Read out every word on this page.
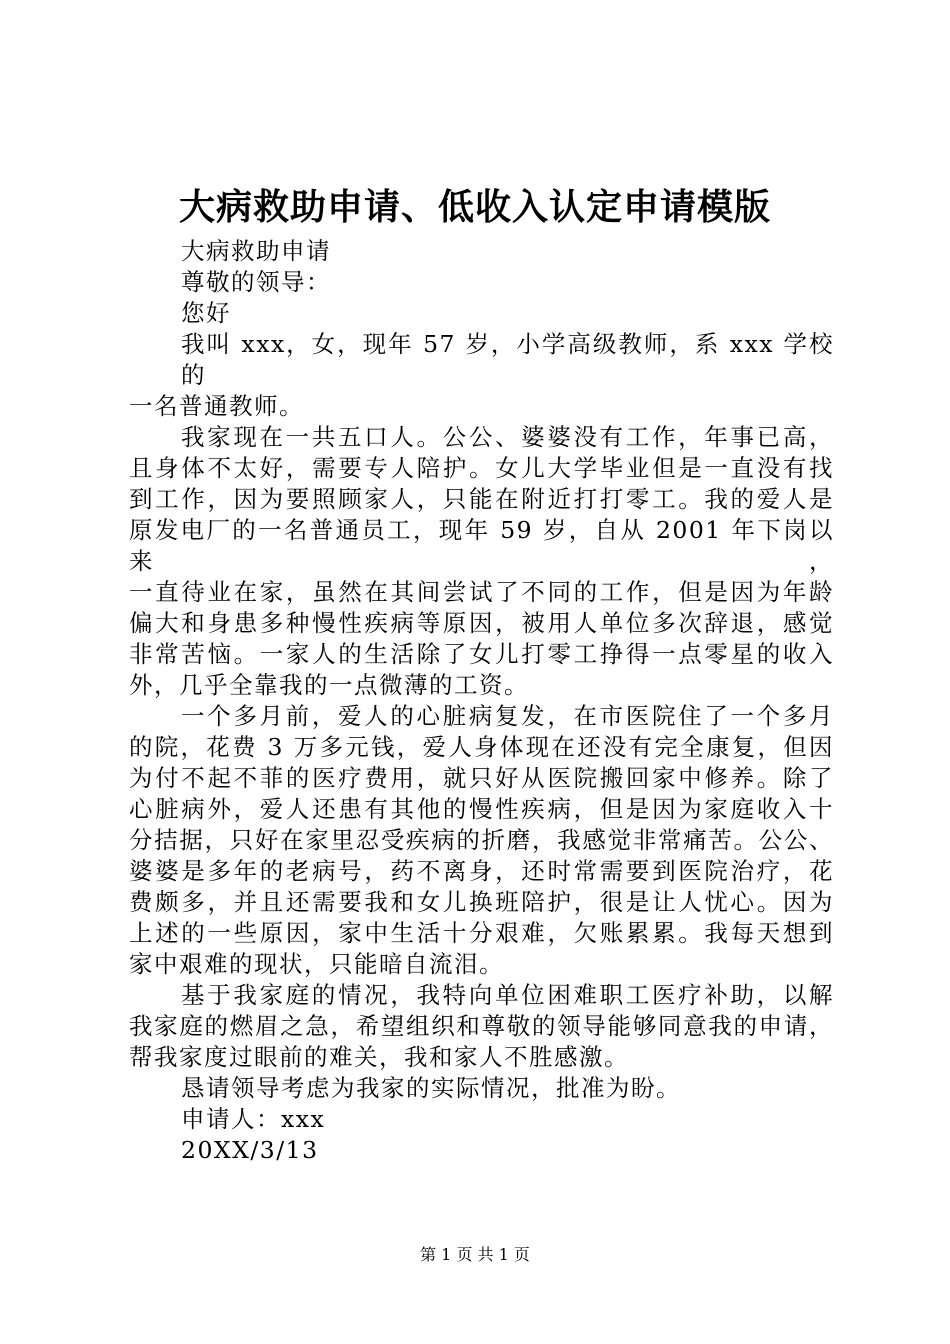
大病救助申请、低收入认定申请模版
大病救助申请
尊敬的领导：
您好
我叫 xxx，女，现年 57 岁，小学高级教师，系 xxx 学校的
一名普通教师。
我家现在一共五口人。公公、婆婆没有工作，年事已高，
且身体不太好，需要专人陪护。女儿大学毕业但是一直没有找
到工作，因为要照顾家人，只能在附近打打零工。我的爱人是
原发电厂的一名普通员工，现年 59 岁，自从 2001 年下岗以来，
一直待业在家，虽然在其间尝试了不同的工作，但是因为年龄
偏大和身患多种慢性疾病等原因，被用人单位多次辞退，感觉
非常苦恼。一家人的生活除了女儿打零工挣得一点零星的收入
外，几乎全靠我的一点微薄的工资。
一个多月前，爱人的心脏病复发，在市医院住了一个多月
的院，花费 3 万多元钱，爱人身体现在还没有完全康复，但因
为付不起不菲的医疗费用，就只好从医院搬回家中修养。除了
心脏病外，爱人还患有其他的慢性疾病，但是因为家庭收入十
分拮据，只好在家里忍受疾病的折磨，我感觉非常痛苦。公公、
婆婆是多年的老病号，药不离身，还时常需要到医院治疗，花
费颇多，并且还需要我和女儿换班陪护，很是让人忧心。因为
上述的一些原因，家中生活十分艰难，欠账累累。我每天想到
家中艰难的现状，只能暗自流泪。
基于我家庭的情况，我特向单位困难职工医疗补助，以解
我家庭的燃眉之急，希望组织和尊敬的领导能够同意我的申请，
帮我家度过眼前的难关，我和家人不胜感激。
恳请领导考虑为我家的实际情况，批准为盼。
申请人：xxx
20XX/3/13
第 1 页 共 1 页
